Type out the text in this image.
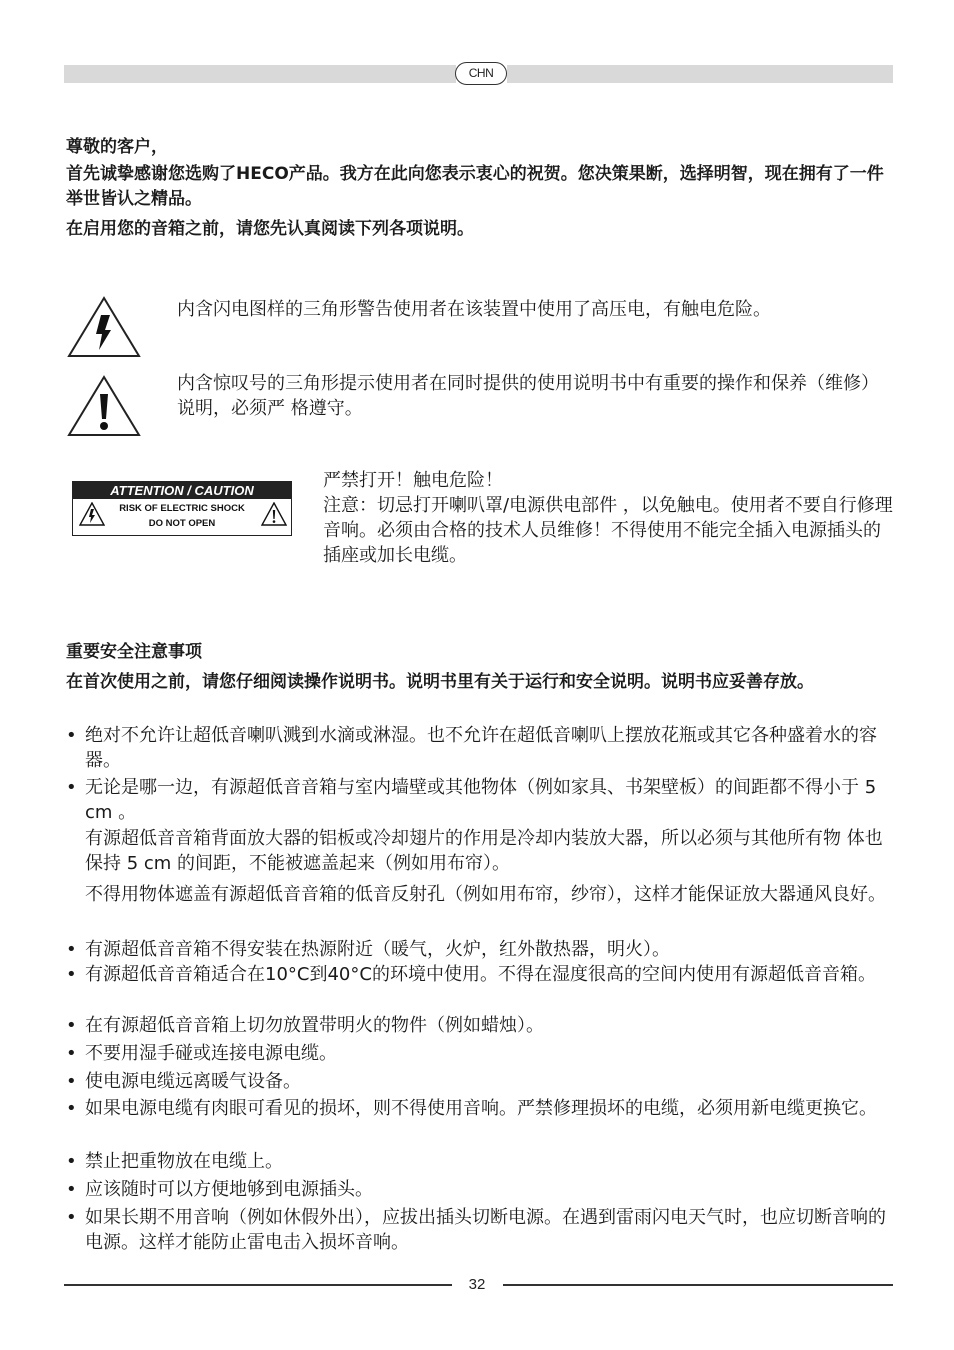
CHN
尊敬的客户，
首先诚挚感谢您选购了HECO产品。我方在此向您表示衷心的祝贺。您决策果断，选择明智，现在拥有了一件举世皆认之精品。
在启用您的音箱之前，请您先认真阅读下列各项说明。
内含闪电图样的三角形警告使用者在该装置中使用了高压电，有触电危险。
内含惊叹号的三角形提示使用者在同时提供的使用说明书中有重要的操作和保养（维修） 说明，必须严 格遵守。
ATTENTION / CAUTION
RISK OF ELECTRIC SHOCK
DO NOT OPEN
严禁打开！触电危险！
注意：切忌打开喇叭罩/电源供电部件 ，以免触电。使用者不要自行修理音响。必须由合格的技术人员维修！不得使用不能完全插入电源插头的插座或加长电缆。
重要安全注意事项
在首次使用之前，请您仔细阅读操作说明书。说明书里有关于运行和安全说明。说明书应妥善存放。
• 绝对不允许让超低音喇叭溅到水滴或淋湿。也不允许在超低音喇叭上摆放花瓶或其它各种盛着水的容器。
• 无论是哪一边，有源超低音音箱与室内墙壁或其他物体（例如家具、书架壁板）的间距都不得小于 5 cm 。
有源超低音音箱背面放大器的铝板或冷却翅片的作用是冷却内装放大器，所以必须与其他所有物 体也保持 5 cm 的间距，不能被遮盖起来（例如用布帘）。
不得用物体遮盖有源超低音音箱的低音反射孔（例如用布帘，纱帘），这样才能保证放大器通风良好。
• 有源超低音音箱不得安装在热源附近（暖气，火炉，红外散热器，明火）。
• 有源超低音音箱适合在10°C到40°C的环境中使用。不得在湿度很高的空间内使用有源超低音音箱。
• 在有源超低音音箱上切勿放置带明火的物件（例如蜡烛）。
• 不要用湿手碰或连接电源电缆。
• 使电源电缆远离暖气设备。
• 如果电源电缆有肉眼可看见的损坏，则不得使用音响。严禁修理损坏的电缆，必须用新电缆更换它。
• 禁止把重物放在电缆上。
• 应该随时可以方便地够到电源插头。
• 如果长期不用音响（例如休假外出），应拔出插头切断电源。在遇到雷雨闪电天气时，也应切断音响的电源。这样才能防止雷电击入损坏音响。
32
